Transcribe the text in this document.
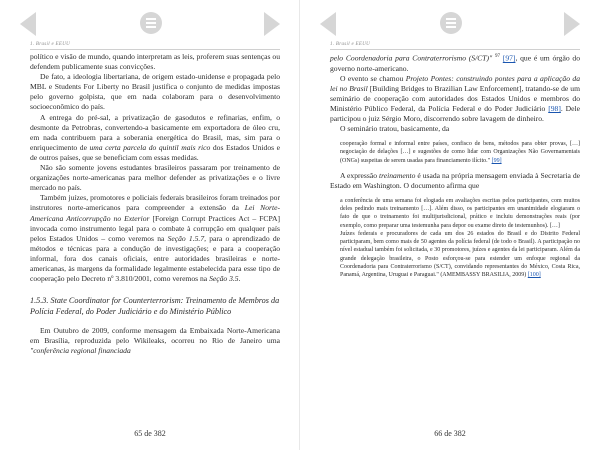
1. Brasil e EEUU

político e visão de mundo, quando interpretam as leis, proferem suas sentenças ou defendem publicamente suas convicções.

De fato, a ideologia libertariana, de origem estado-unidense e propagada pelo MBL e Students For Liberty no Brasil justifica o conjunto de medidas impostas pelo governo golpista, que em nada colaboram para o desenvolvimento socioeconômico do país.

A entrega do pré-sal, a privatização de gasodutos e refinarias, enfim, o desmonte da Petrobras, convertendo-a basicamente em exportadora de óleo cru, em nada contribuem para a soberania energética do Brasil, mas, sim para o enriquecimento de uma certa parcela do quintil mais rico dos Estados Unidos e de outros países, que se beneficiam com essas medidas.

Não são somente jovens estudantes brasileiros passaram por treinamento de organizações norte-americanas para melhor defender as privatizações e o livre mercado no país.

Também juízes, promotores e policiais federais brasileiros foram treinados por instrutores norte-americanos para compreender a extensão da Lei Norte-Americana Anticorrupção no Exterior [Foreign Corrupt Practices Act – FCPA] invocada como instrumento legal para o combate à corrupção em qualquer país pelos Estados Unidos – como veremos na Seção 1.5.7, para o aprendizado de métodos e técnicas para a condução de investigações; e para a cooperação informal, fora dos canais oficiais, entre autoridades brasileiras e norte-americanas, às margens da formalidade legalmente estabelecida para esse tipo de cooperação pelo Decreto nº 3.810/2001, como veremos na Seção 3.5.

1.5.3. State Coordinator for Counterterrorism: Treinamento de Membros da Polícia Federal, do Poder Judiciário e do Ministério Público

Em Outubro de 2009, conforme mensagem da Embaixada Norte-Americana em Brasília, reproduzida pelo Wikileaks, ocorreu no Rio de Janeiro uma "conferência regional financiada

65 de 382
1. Brasil e EEUU

pelo Coordenadoria para Contraterrorismo (S/CT)" $^{97}$ [97], que é um órgão do governo norte-americano.

O evento se chamou Projeto Pontes: construindo pontes para a aplicação da lei no Brasil [Building Bridges to Brazilian Law Enforcement], tratando-se de um seminário de cooperação com autoridades dos Estados Unidos e membros do Ministério Público Federal, da Polícia Federal e do Poder Judiciário [98]. Dele participou o juiz Sérgio Moro, discorrendo sobre lavagem de dinheiro.

O seminário tratou, basicamente, da

cooperação formal e informal entre países, confisco de bens, métodos para obter provas, […] negociação de delações […] e sugestões de como lidar com Organizações Não Governamentais (ONGs) suspeitas de serem usadas para financiamento ilícito." [99]

A expressão treinamento é usada na própria mensagem enviada à Secretaria de Estado em Washington. O documento afirma que

a conferência de uma semana foi elogiada em avaliações escritas pelos participantes, com muitos deles pedindo mais treinamento […]. Além disso, os participantes em unanimidade elogiaram o fato de que o treinamento foi multijurisdicional, prático e incluiu demonstrações reais (por exemplo, como preparar uma testemunha para depor ou exame direto de testemunhos). […]

Juízes federais e procuradores de cada um dos 26 estados do Brasil e do Distrito Federal participaram, bem como mais de 50 agentes da polícia federal (de todo o Brasil). A participação no nível estadual também foi solicitada, e 30 promotores, juízes e agentes da lei participaram. Além da grande delegação brasileira, o Posto esforçou-se para estender um enfoque regional da Coordenadoria para Contraterrorismo (S/CT), convidando representantes do México, Costa Rica, Panamá, Argentina, Uruguai e Paraguai." (AMEMBASSY BRASILIA, 2009) [100]

66 de 382
